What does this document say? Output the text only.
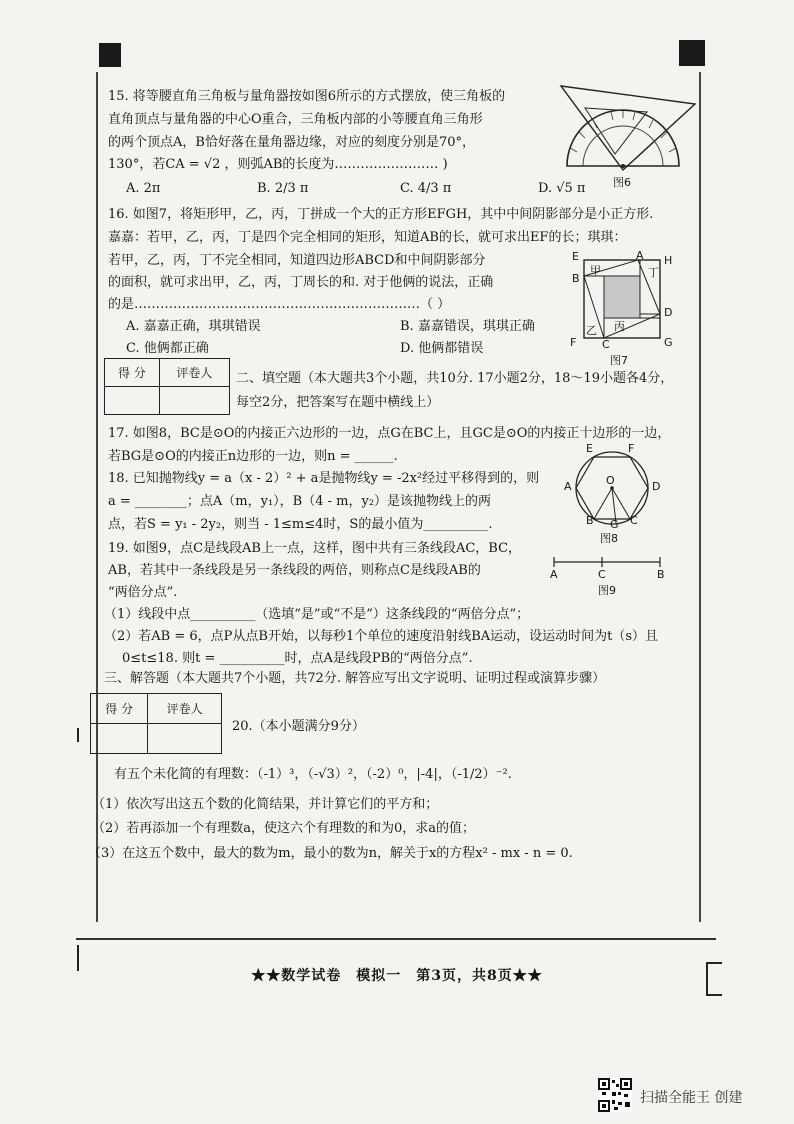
15. 将等腰直角三角板与量角器按如图6所示的方式摆放，使三角板的
直角顶点与量角器的中心O重合，三角板内部的小等腰直角三角形
的两个顶点A，B恰好落在量角器边缘，对应的刻度分别是70°，
130°，若CA = √2 ，则弧AB的长度为…………………… )
A. 2π	B. 2/3 π	C. 4/3 π	D. √5 π	图6
16. 如图7，将矩形甲，乙，丙，丁拼成一个大的正方形EFGH，其中中间阴影部分是小正方形.
嘉嘉：若甲，乙，丙，丁是四个完全相同的矩形，知道AB的长，就可求出EF的长；琪琪：
若甲，乙，丙，丁不完全相同，知道四边形ABCD和中间阴影部分
的面积，就可求出甲，乙，丙，丁周长的和. 对于他俩的说法，正确
的是…………………………………………………………（ ）
A. 嘉嘉正确，琪琪错误	B. 嘉嘉错误，琪琪正确
C. 他俩都正确	D. 他俩都错误
E	A H
B
D
F C	G
甲	丁
丙
乙
图7
得 分	评卷人
	二、填空题（本大题共3个小题，共10分. 17小题2分，18～19小题各4分，
每空2分，把答案写在题中横线上）
17. 如图8，BC是⊙O的内接正六边形的一边，点G在BC上，且GC是⊙O的内接正十边形的一边，
若BG是⊙O的内接正n边形的一边，则n = ______.
E	F
A	O	D
B G C
图8
18. 已知抛物线y = a（x - 2）² + a是抛物线y = -2x²经过平移得到的，则
a = ________；点A（m，y₁），B（4 - m，y₂）是该抛物线上的两
点，若S = y₁ - 2y₂，则当 - 1≤m≤4时，S的最小值为__________.
19. 如图9，点C是线段AB上一点，这样，图中共有三条线段AC，BC，
AB，若其中一条线段是另一条线段的两倍，则称点C是线段AB的
“两倍分点”.
（1）线段中点__________（选填“是”或“不是”）这条线段的“两倍分点”；
（2）若AB = 6，点P从点B开始，以每秒1个单位的速度沿射线BA运动，设运动时间为t（s）且
0≤t≤18. 则t = __________时，点A是线段PB的“两倍分点”.
A	C	B
图9
三、解答题（本大题共7个小题，共72分. 解答应写出文字说明、证明过程或演算步骤）
得 分	评卷人

20.（本小题满分9分）
有五个未化简的有理数：（-1）³，（-√3）²，（-2）⁰，|-4|，（-1/2）⁻².
（1）依次写出这五个数的化简结果，并计算它们的平方和；
（2）若再添加一个有理数a，使这六个有理数的和为0，求a的值；
（3）在这五个数中，最大的数为m，最小的数为n，解关于x的方程x² - mx - n = 0.
★★数学试卷　模拟一　第3页，共8页★★
扫描全能王 创建
